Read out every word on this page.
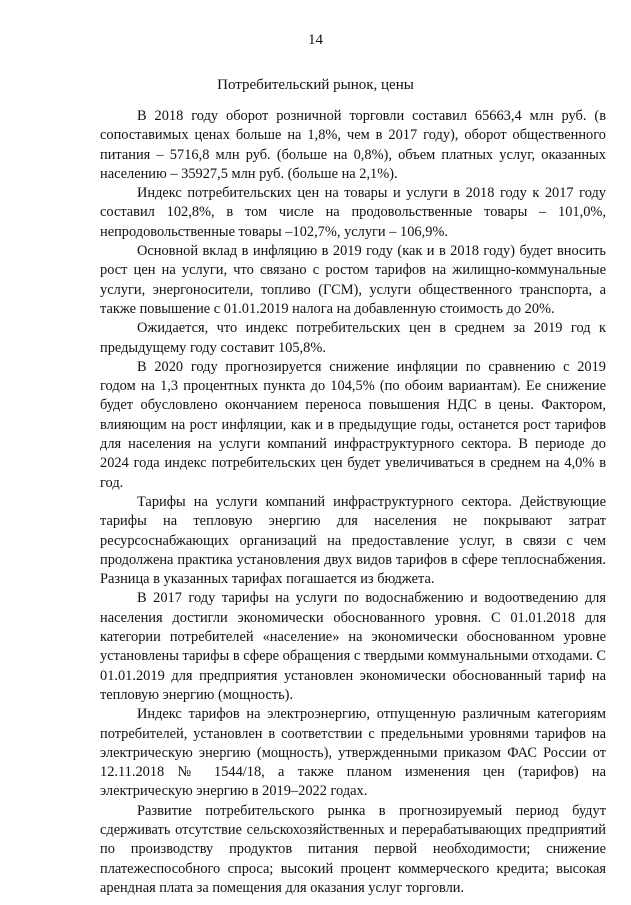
14
Потребительский рынок, цены

В 2018 году оборот розничной торговли составил 65663,4 млн руб. (в сопоставимых ценах больше на 1,8%, чем в 2017 году), оборот общественного питания – 5716,8 млн руб. (больше на 0,8%), объем платных услуг, оказанных населению – 35927,5 млн руб. (больше на 2,1%).

Индекс потребительских цен на товары и услуги в 2018 году к 2017 году составил 102,8%, в том числе на продовольственные товары – 101,0%, непродовольственные товары –102,7%, услуги – 106,9%.

Основной вклад в инфляцию в 2019 году (как и в 2018 году) будет вносить рост цен на услуги, что связано с ростом тарифов на жилищно-коммунальные услуги, энергоносители, топливо (ГСМ), услуги общественного транспорта, а также повышение с 01.01.2019 налога на добавленную стоимость до 20%.

Ожидается, что индекс потребительских цен в среднем за 2019 год к предыдущему году составит 105,8%.

В 2020 году прогнозируется снижение инфляции по сравнению с 2019 годом на 1,3 процентных пункта до 104,5% (по обоим вариантам). Ее снижение будет обусловлено окончанием переноса повышения НДС в цены. Фактором, влияющим на рост инфляции, как и в предыдущие годы, останется рост тарифов для населения на услуги компаний инфраструктурного сектора. В периоде до 2024 года индекс потребительских цен будет увеличиваться в среднем на 4,0% в год.

Тарифы на услуги компаний инфраструктурного сектора. Действующие тарифы на тепловую энергию для населения не покрывают затрат ресурсоснабжающих организаций на предоставление услуг, в связи с чем продолжена практика установления двух видов тарифов в сфере теплоснабжения. Разница в указанных тарифах погашается из бюджета.

В 2017 году тарифы на услуги по водоснабжению и водоотведению для населения достигли экономически обоснованного уровня. С 01.01.2018 для категории потребителей «население» на экономически обоснованном уровне установлены тарифы в сфере обращения с твердыми коммунальными отходами. С 01.01.2019 для предприятия установлен экономически обоснованный тариф на тепловую энергию (мощность).

Индекс тарифов на электроэнергию, отпущенную различным категориям потребителей, установлен в соответствии с предельными уровнями тарифов на электрическую энергию (мощность), утвержденными приказом ФАС России от 12.11.2018 № 1544/18, а также планом изменения цен (тарифов) на электрическую энергию в 2019–2022 годах.

Развитие потребительского рынка в прогнозируемый период будут сдерживать отсутствие сельскохозяйственных и перерабатывающих предприятий по производству продуктов питания первой необходимости; снижение платежеспособного спроса; высокий процент коммерческого кредита; высокая арендная плата за помещения для оказания услуг торговли.
